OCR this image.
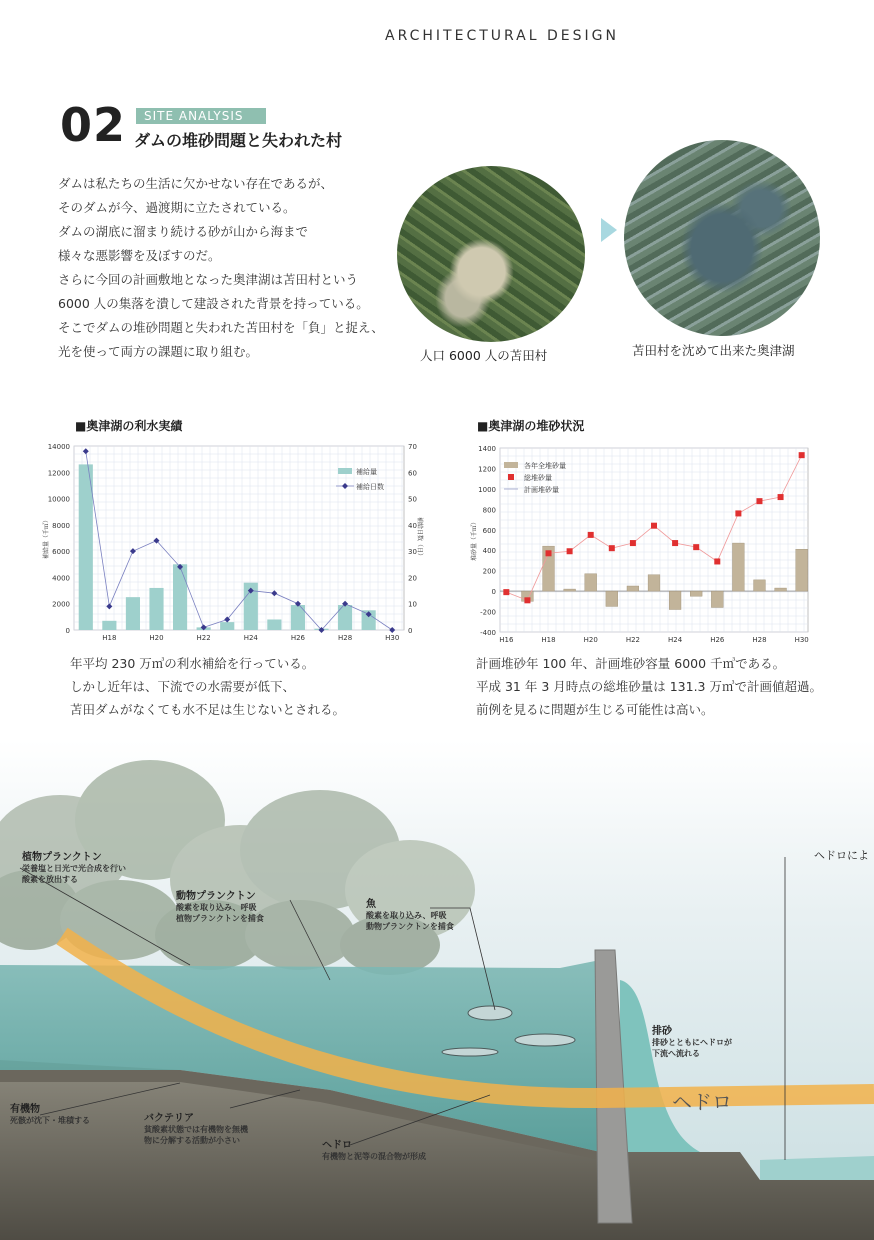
ARCHITECTURAL DESIGN
02	SITE ANALYSIS
ダムの堆砂問題と失われた村
ダムは私たちの生活に欠かせない存在であるが、
そのダムが今、過渡期に立たされている。
ダムの湖底に溜まり続ける砂が山から海まで
様々な悪影響を及ぼすのだ。
さらに今回の計画敷地となった奥津湖は苫田村という
6000 人の集落を潰して建設された背景を持っている。
そこでダムの堆砂問題と失われた苫田村を「負」と捉え、
光を使って両方の課題に取り組む。	人口 6000 人の苫田村	苫田村を沈めて出来た奥津湖
■奥津湖の利水実績	■奥津湖の堆砂状況
0
2000
4000
6000
8000
10000
12000
14000
0
10
20
30
40
50
60
70
H18	H20	H22	H24	H26	H28	H30
補給量（千㎥）	補給日数（日）
補給量
補給日数
-400
-200
0
200
400
600
800
1000
1200
1400
H16	H18	H20	H22	H24	H26	H28	H30
堆砂量（千㎥）
各年全堆砂量
総堆砂量
計画堆砂量
年平均 230 万㎥の利水補給を行っている。
しかし近年は、下流での水需要が低下、
苫田ダムがなくても水不足は生じないとされる。
計画堆砂年 100 年、計画堆砂容量 6000 千㎥である。
平成 31 年 3 月時点の総堆砂量は 131.3 万㎥で計画値超過。
前例を見るに問題が生じる可能性は高い。
植物プランクトン
栄養塩と日光で光合成を行い
酸素を放出する
動物プランクトン
酸素を取り込み、呼吸
植物プランクトンを捕食
魚
酸素を取り込み、呼吸
動物プランクトンを捕食
有機物
死骸が沈下・堆積する	バクテリア
貧酸素状態では有機物を無機
物に分解する活動が小さい	ヘドロ
有機物と泥等の混合物が形成
排砂
排砂とともにヘドロが
下流へ流れる
ヘドロによ
ヘドロ
